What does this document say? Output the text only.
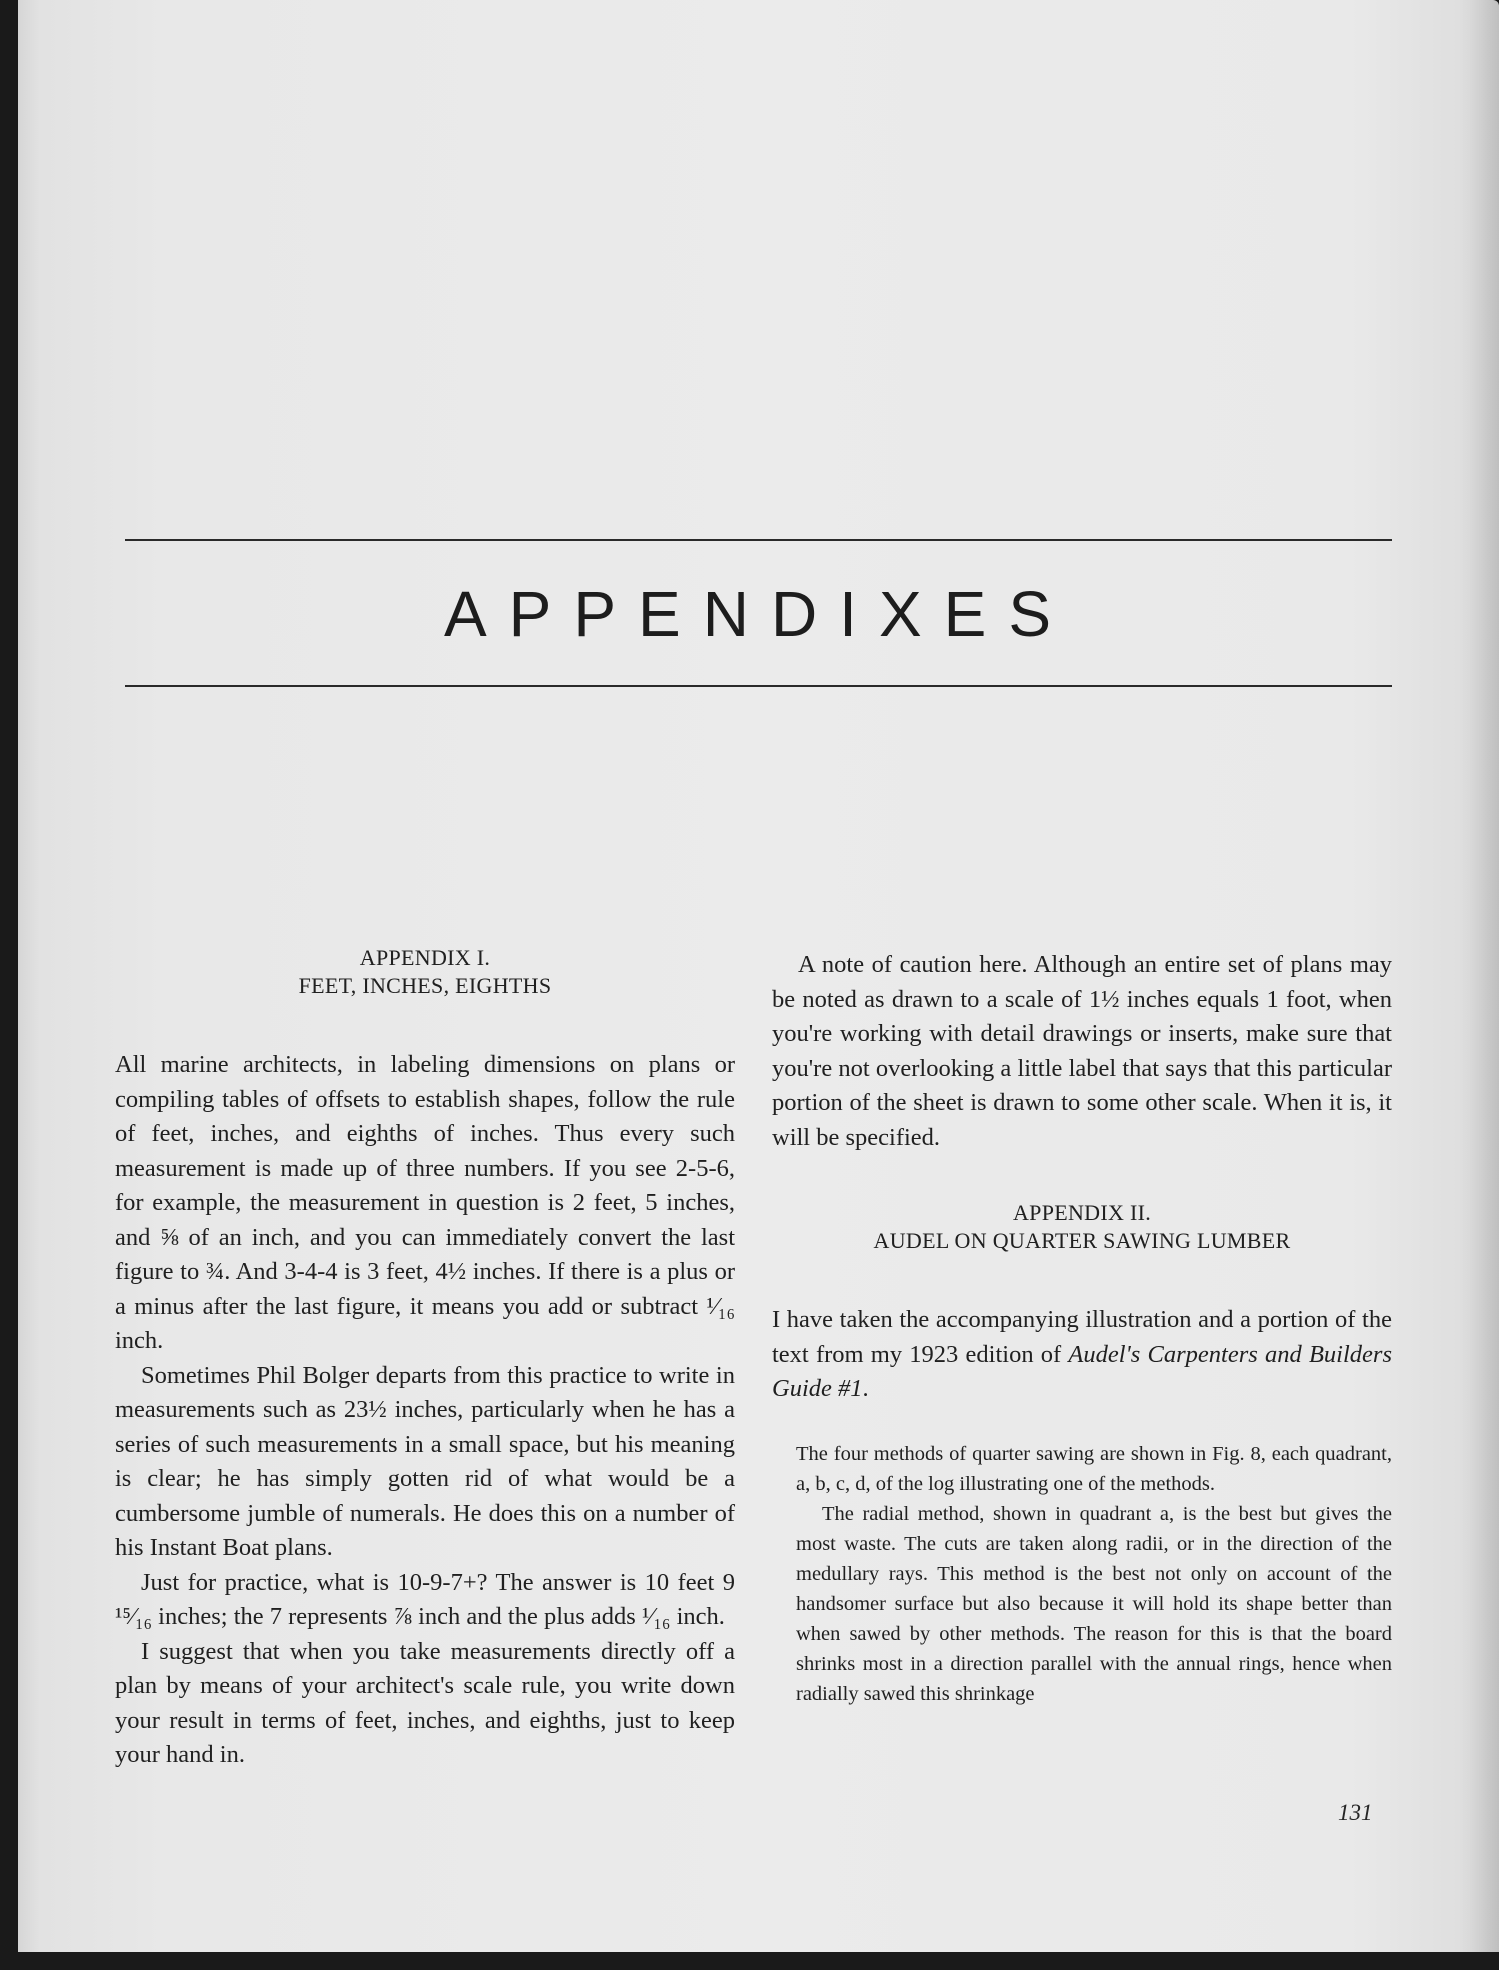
APPENDIXES
APPENDIX I.
FEET, INCHES, EIGHTHS

All marine architects, in labeling dimensions on plans or compiling tables of offsets to establish shapes, follow the rule of feet, inches, and eighths of inches. Thus every such measurement is made up of three numbers. If you see 2-5-6, for example, the measurement in question is 2 feet, 5 inches, and ⅝ of an inch, and you can immediately convert the last figure to ¾. And 3-4-4 is 3 feet, 4½ inches. If there is a plus or a minus after the last figure, it means you add or subtract ¹⁄₁₆ inch.

Sometimes Phil Bolger departs from this practice to write in measurements such as 23½ inches, particularly when he has a series of such measurements in a small space, but his meaning is clear; he has simply gotten rid of what would be a cumbersome jumble of numerals. He does this on a number of his Instant Boat plans.

Just for practice, what is 10-9-7+? The answer is 10 feet 9 ¹⁵⁄₁₆ inches; the 7 represents ⅞ inch and the plus adds ¹⁄₁₆ inch.

I suggest that when you take measurements directly off a plan by means of your architect's scale rule, you write down your result in terms of feet, inches, and eighths, just to keep your hand in.

A note of caution here. Although an entire set of plans may be noted as drawn to a scale of 1½ inches equals 1 foot, when you're working with detail drawings or inserts, make sure that you're not overlooking a little label that says that this particular portion of the sheet is drawn to some other scale. When it is, it will be specified.

APPENDIX II.
AUDEL ON QUARTER SAWING LUMBER

I have taken the accompanying illustration and a portion of the text from my 1923 edition of Audel's Carpenters and Builders Guide #1.

The four methods of quarter sawing are shown in Fig. 8, each quadrant, a, b, c, d, of the log illustrating one of the methods.

The radial method, shown in quadrant a, is the best but gives the most waste. The cuts are taken along radii, or in the direction of the medullary rays. This method is the best not only on account of the handsomer surface but also because it will hold its shape better than when sawed by other methods. The reason for this is that the board shrinks most in a direction parallel with the annual rings, hence when radially sawed this shrinkage

131
